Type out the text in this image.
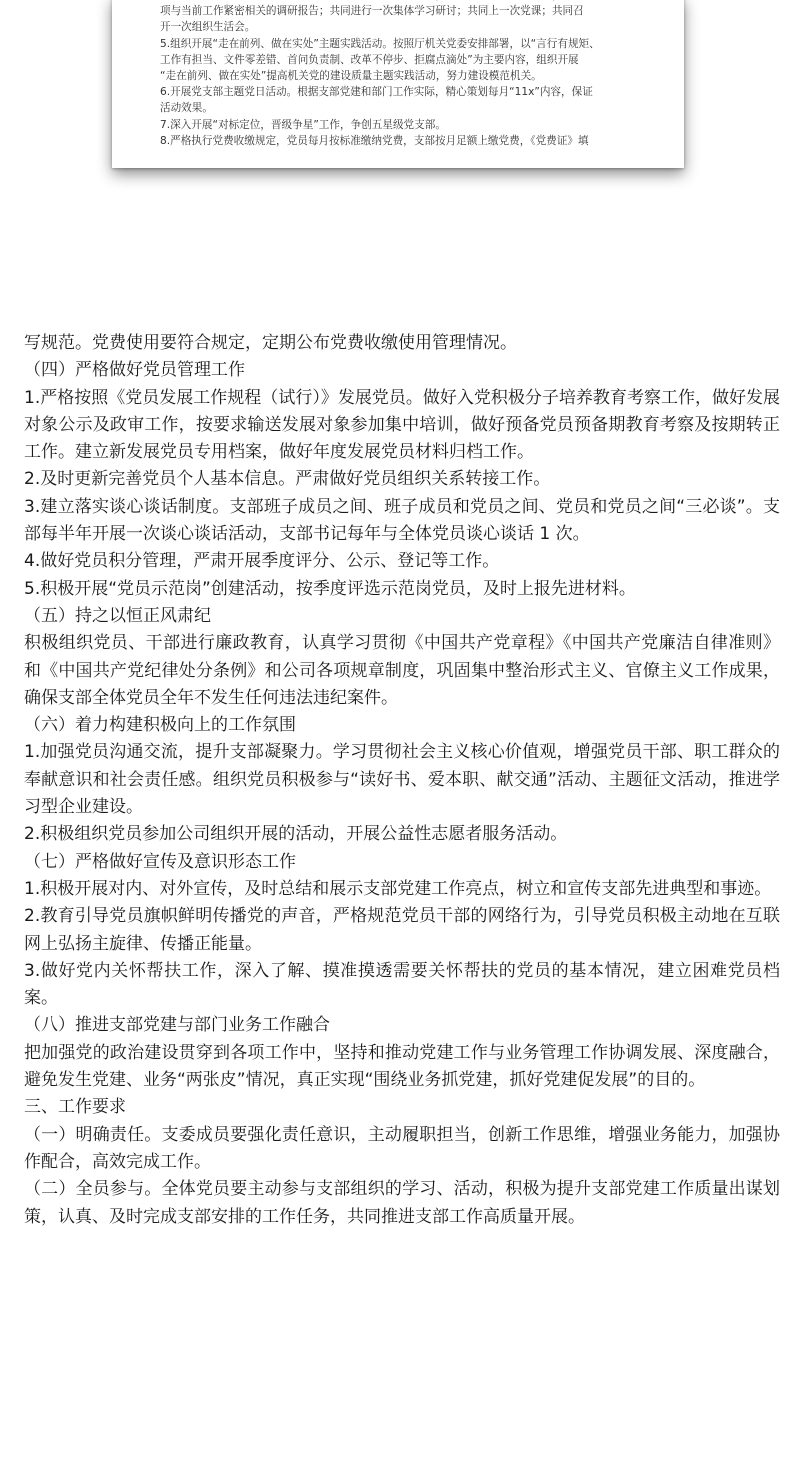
项与当前工作紧密相关的调研报告；共同进行一次集体学习研讨；共同上一次党课；共同召

开一次组织生活会。

5.组织开展“走在前列、做在实处”主题实践活动。按照厅机关党委安排部署，以“言行有规矩、

工作有担当、文件零差错、首问负责制、改革不停步、拒腐点滴处”为主要内容，组织开展

“走在前列、做在实处”提高机关党的建设质量主题实践活动，努力建设模范机关。

6.开展党支部主题党日活动。根据支部党建和部门工作实际，精心策划每月“11x”内容，保证

活动效果。

7.深入开展“对标定位，晋级争星”工作，争创五星级党支部。

8.严格执行党费收缴规定，党员每月按标准缴纳党费，支部按月足额上缴党费，《党费证》填

写规范。党费使用要符合规定，定期公布党费收缴使用管理情况。

（四）严格做好党员管理工作

1.严格按照《党员发展工作规程（试行）》发展党员。做好入党积极分子培养教育考察工作，做好发展对象公示及政审工作，按要求输送发展对象参加集中培训，做好预备党员预备期教育考察及按期转正工作。建立新发展党员专用档案，做好年度发展党员材料归档工作。

2.及时更新完善党员个人基本信息。严肃做好党员组织关系转接工作。

3.建立落实谈心谈话制度。支部班子成员之间、班子成员和党员之间、党员和党员之间“三必谈”。支部每半年开展一次谈心谈话活动，支部书记每年与全体党员谈心谈话 1 次。

4.做好党员积分管理，严肃开展季度评分、公示、登记等工作。

5.积极开展“党员示范岗”创建活动，按季度评选示范岗党员，及时上报先进材料。

（五）持之以恒正风肃纪

积极组织党员、干部进行廉政教育，认真学习贯彻《中国共产党章程》《中国共产党廉洁自律准则》和《中国共产党纪律处分条例》和公司各项规章制度，巩固集中整治形式主义、官僚主义工作成果，确保支部全体党员全年不发生任何违法违纪案件。

（六）着力构建积极向上的工作氛围

1.加强党员沟通交流，提升支部凝聚力。学习贯彻社会主义核心价值观，增强党员干部、职工群众的奉献意识和社会责任感。组织党员积极参与“读好书、爱本职、献交通”活动、主题征文活动，推进学习型企业建设。

2.积极组织党员参加公司组织开展的活动，开展公益性志愿者服务活动。

（七）严格做好宣传及意识形态工作

1.积极开展对内、对外宣传，及时总结和展示支部党建工作亮点，树立和宣传支部先进典型和事迹。

2.教育引导党员旗帜鲜明传播党的声音，严格规范党员干部的网络行为，引导党员积极主动地在互联网上弘扬主旋律、传播正能量。

3.做好党内关怀帮扶工作，深入了解、摸准摸透需要关怀帮扶的党员的基本情况，建立困难党员档案。

（八）推进支部党建与部门业务工作融合

把加强党的政治建设贯穿到各项工作中，坚持和推动党建工作与业务管理工作协调发展、深度融合，避免发生党建、业务“两张皮”情况，真正实现“围绕业务抓党建，抓好党建促发展”的目的。

三、工作要求

（一）明确责任。支委成员要强化责任意识，主动履职担当，创新工作思维，增强业务能力，加强协作配合，高效完成工作。

（二）全员参与。全体党员要主动参与支部组织的学习、活动，积极为提升支部党建工作质量出谋划策，认真、及时完成支部安排的工作任务，共同推进支部工作高质量开展。
